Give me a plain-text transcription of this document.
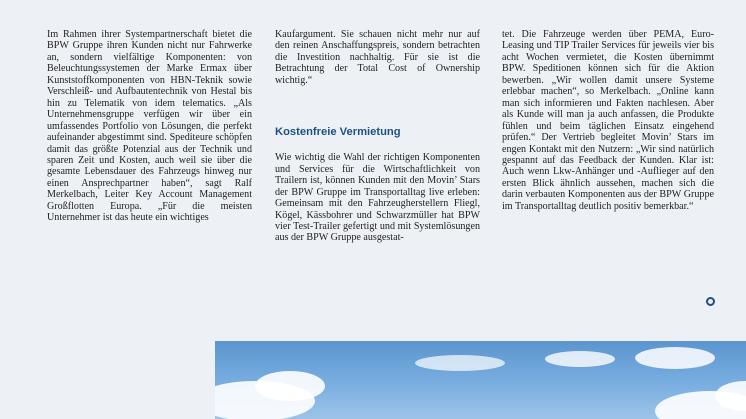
Im Rahmen ihrer Systempartnerschaft bietet die BPW Gruppe ihren Kunden nicht nur Fahrwerke an, sondern vielfältige Komponenten: von Beleuchtungssystemen der Marke Ermax über Kunststoffkomponenten von HBN-Teknik sowie Verschleiß- und Aufbautentechnik von Hestal bis hin zu Telematik von idem telematics. „Als Unternehmensgruppe verfügen wir über ein umfassendes Portfolio von Lösungen, die perfekt aufeinander abgestimmt sind. Spediteure schöpfen damit das größte Potenzial aus der Technik und sparen Zeit und Kosten, auch weil sie über die gesamte Lebensdauer des Fahrzeugs hinweg nur einen Ansprechpartner haben“, sagt Ralf Merkelbach, Leiter Key Account Management Großflotten Europa. „Für die meisten Unternehmer ist das heute ein wichtiges

Kaufargument. Sie schauen nicht mehr nur auf den reinen Anschaffungspreis, sondern betrachten die Investition nachhaltig. Für sie ist die Betrachtung der Total Cost of Ownership wichtig.“

Kostenfreie Vermietung

Wie wichtig die Wahl der richtigen Komponenten und Services für die Wirtschaftlichkeit von Trailern ist, können Kunden mit den Movin’ Stars der BPW Gruppe im Transportalltag live erleben: Gemeinsam mit den Fahrzeugherstellern Fliegl, Kögel, Kässbohrer und Schwarzmüller hat BPW vier Test-Trailer gefertigt und mit Systemlösungen aus der BPW Gruppe ausgestat-

tet. Die Fahrzeuge werden über PEMA, Euro-Leasing und TIP Trailer Services für jeweils vier bis acht Wochen vermietet, die Kosten übernimmt BPW. Speditionen können sich für die Aktion bewerben. „Wir wollen damit unsere Systeme erlebbar machen“, so Merkelbach. „Online kann man sich informieren und Fakten nachlesen. Aber als Kunde will man ja auch anfassen, die Produkte fühlen und beim täglichen Einsatz eingehend prüfen.“ Der Vertrieb begleitet Movin’ Stars im engen Kontakt mit den Nutzern: „Wir sind natürlich gespannt auf das Feedback der Kunden. Klar ist: Auch wenn Lkw-Anhänger und -Auflieger auf den ersten Blick ähnlich aussehen, machen sich die darin verbauten Komponenten aus der BPW Gruppe im Transportalltag deutlich positiv bemerkbar.“
